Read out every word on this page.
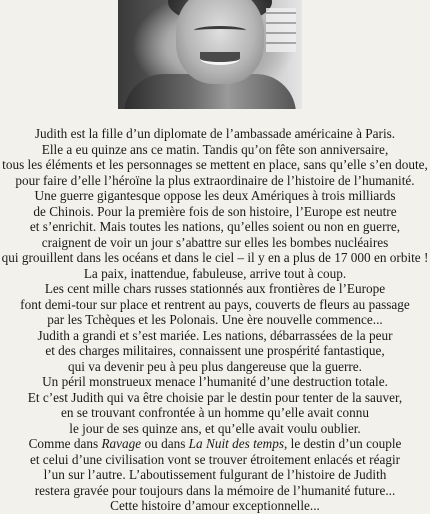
Judith est la fille d’un diplomate de l’ambassade américaine à Paris.
Elle a eu quinze ans ce matin. Tandis qu’on fête son anniversaire,
tous les éléments et les personnages se mettent en place, sans qu’elle s’en doute,
pour faire d’elle l’héroïne la plus extraordinaire de l’histoire de l’humanité.

Une guerre gigantesque oppose les deux Amériques à trois milliards
de Chinois. Pour la première fois de son histoire, l’Europe est neutre
et s’enrichit. Mais toutes les nations, qu’elles soient ou non en guerre,
craignent de voir un jour s’abattre sur elles les bombes nucléaires
qui grouillent dans les océans et dans le ciel – il y en a plus de 17 000 en orbite !

La paix, inattendue, fabuleuse, arrive tout à coup.

Les cent mille chars russes stationnés aux frontières de l’Europe
font demi-tour sur place et rentrent au pays, couverts de fleurs au passage
par les Tchèques et les Polonais. Une ère nouvelle commence...

Judith a grandi et s’est mariée. Les nations, débarrassées de la peur
et des charges militaires, connaissent une prospérité fantastique,
qui va devenir peu à peu plus dangereuse que la guerre.

Un péril monstrueux menace l’humanité d’une destruction totale.
Et c’est Judith qui va être choisie par le destin pour tenter de la sauver,
en se trouvant confrontée à un homme qu’elle avait connu
le jour de ses quinze ans, et qu’elle avait voulu oublier.

Comme dans Ravage ou dans La Nuit des temps, le destin d’un couple
et celui d’une civilisation vont se trouver étroitement enlacés et réagir
l’un sur l’autre. L’aboutissement fulgurant de l’histoire de Judith
restera gravée pour toujours dans la mémoire de l’humanité future...

Cette histoire d’amour exceptionnelle...
